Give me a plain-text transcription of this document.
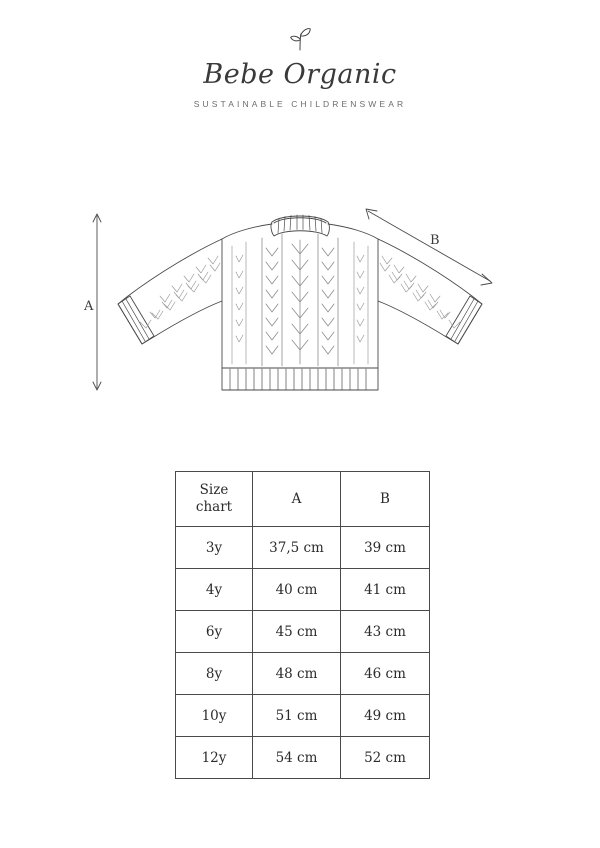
Bebe Organic
SUSTAINABLE CHILDRENSWEAR
A
B
Size
chart	A	B
3y	37,5 cm	39 cm
4y	40 cm	41 cm
6y	45 cm	43 cm
8y	48 cm	46 cm
10y	51 cm	49 cm
12y	54 cm	52 cm
